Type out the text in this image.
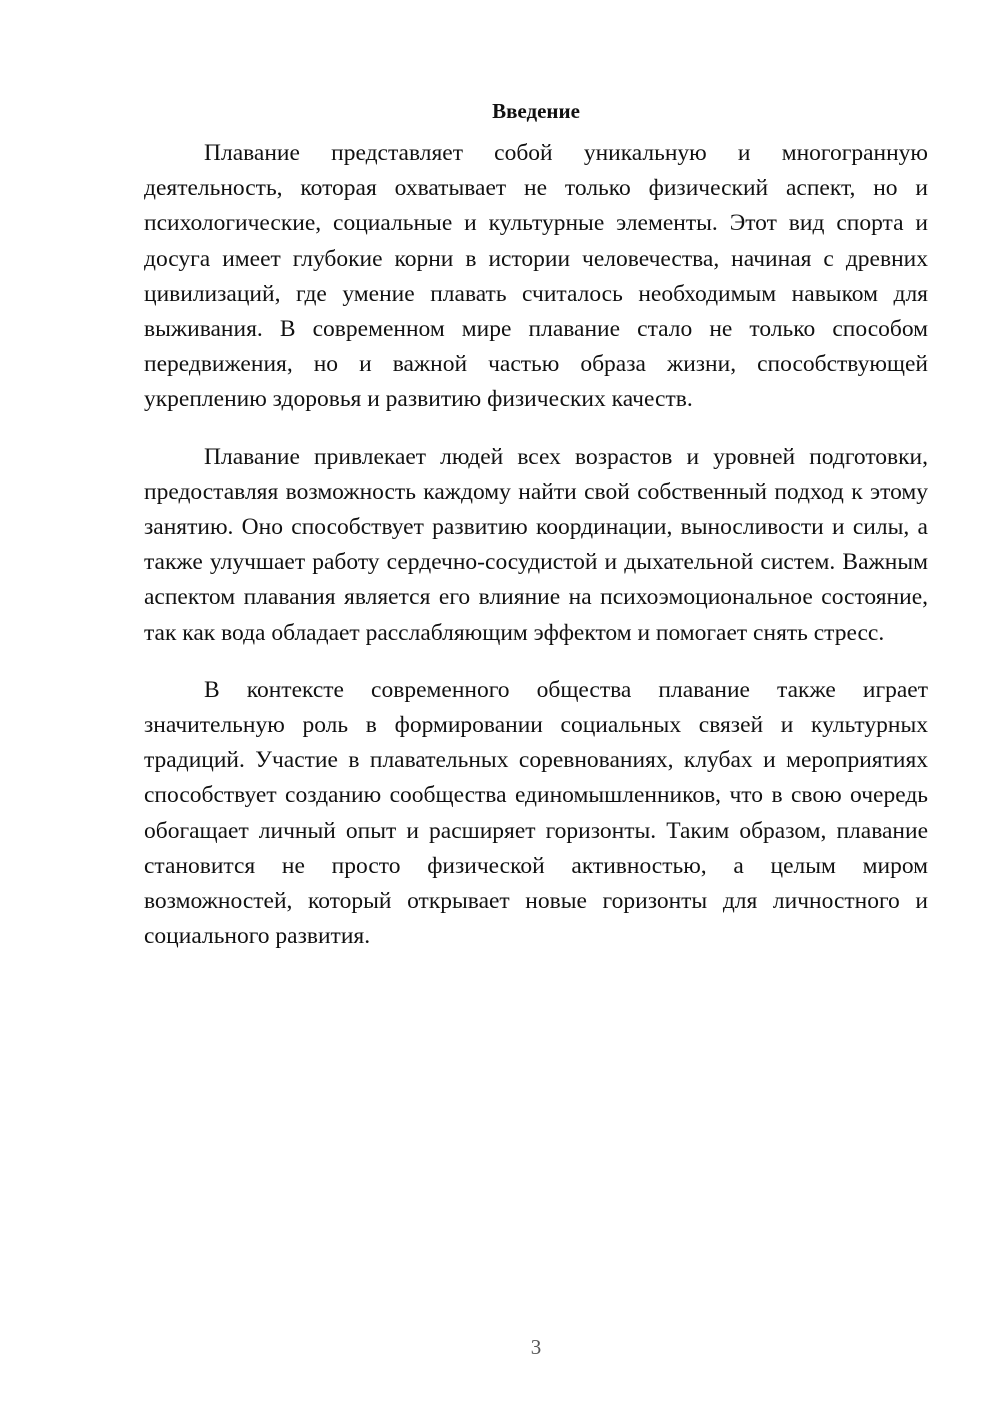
Введение

Плавание представляет собой уникальную и многогранную деятельность, которая охватывает не только физический аспект, но и психологические, социальные и культурные элементы. Этот вид спорта и досуга имеет глубокие корни в истории человечества, начиная с древних цивилизаций, где умение плавать считалось необходимым навыком для выживания. В современном мире плавание стало не только способом передвижения, но и важной частью образа жизни, способствующей укреплению здоровья и развитию физических качеств.

Плавание привлекает людей всех возрастов и уровней подготовки, предоставляя возможность каждому найти свой собственный подход к этому занятию. Оно способствует развитию координации, выносливости и силы, а также улучшает работу сердечно-сосудистой и дыхательной систем. Важным аспектом плавания является его влияние на психоэмоциональное состояние, так как вода обладает расслабляющим эффектом и помогает снять стресс.

В контексте современного общества плавание также играет значительную роль в формировании социальных связей и культурных традиций. Участие в плавательных соревнованиях, клубах и мероприятиях способствует созданию сообщества единомышленников, что в свою очередь обогащает личный опыт и расширяет горизонты. Таким образом, плавание становится не просто физической активностью, а целым миром возможностей, который открывает новые горизонты для личностного и социального развития.

3
